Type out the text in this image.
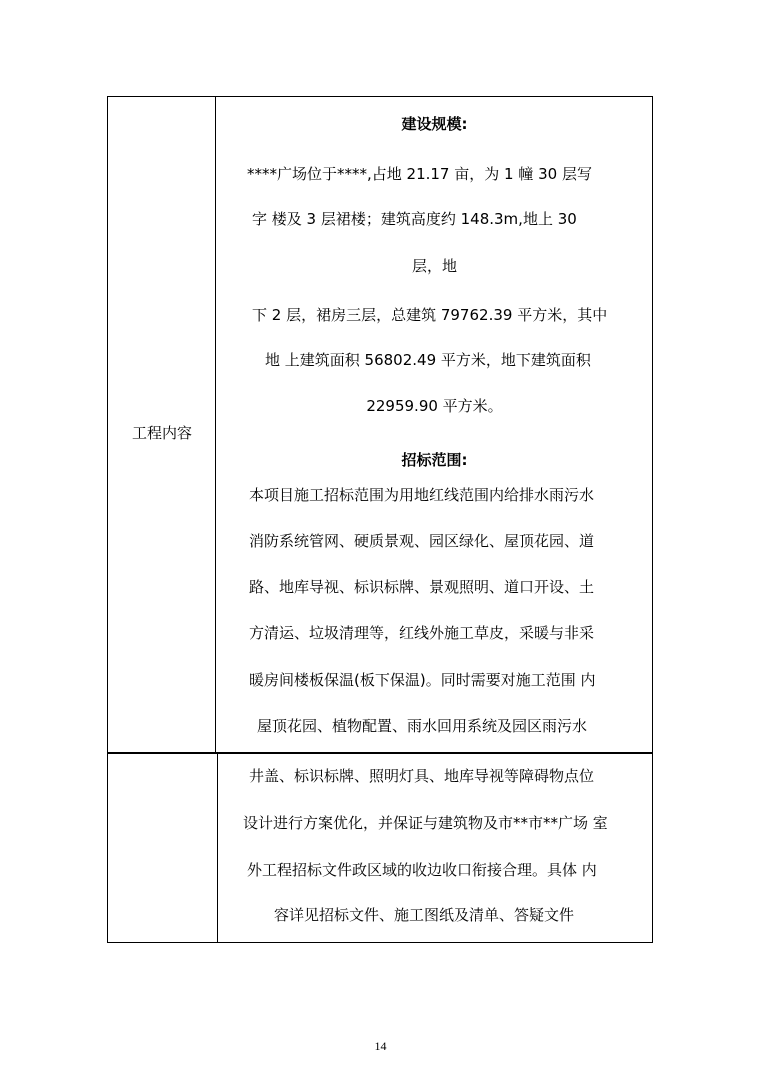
工程内容
建设规模:
****广场位于****,占地 21.17 亩，为 1 幢 30 层写
字 楼及 3 层裙楼；建筑高度约 148.3m,地上 30
层，地
下 2 层，裙房三层，总建筑 79762.39 平方米，其中
地 上建筑面积 56802.49 平方米，地下建筑面积
22959.90 平方米。
招标范围:
本项目施工招标范围为用地红线范围内给排水雨污水
消防系统管网、硬质景观、园区绿化、屋顶花园、道
路、地库导视、标识标牌、景观照明、道口开设、土
方清运、垃圾清理等，红线外施工草皮，采暖与非采
暖房间楼板保温(板下保温)。同时需要对施工范围 内
屋顶花园、植物配置、雨水回用系统及园区雨污水
井盖、标识标牌、照明灯具、地库导视等障碍物点位
设计进行方案优化，并保证与建筑物及市**市**广场 室
外工程招标文件政区域的收边收口衔接合理。具体 内
容详见招标文件、施工图纸及清单、答疑文件
14
